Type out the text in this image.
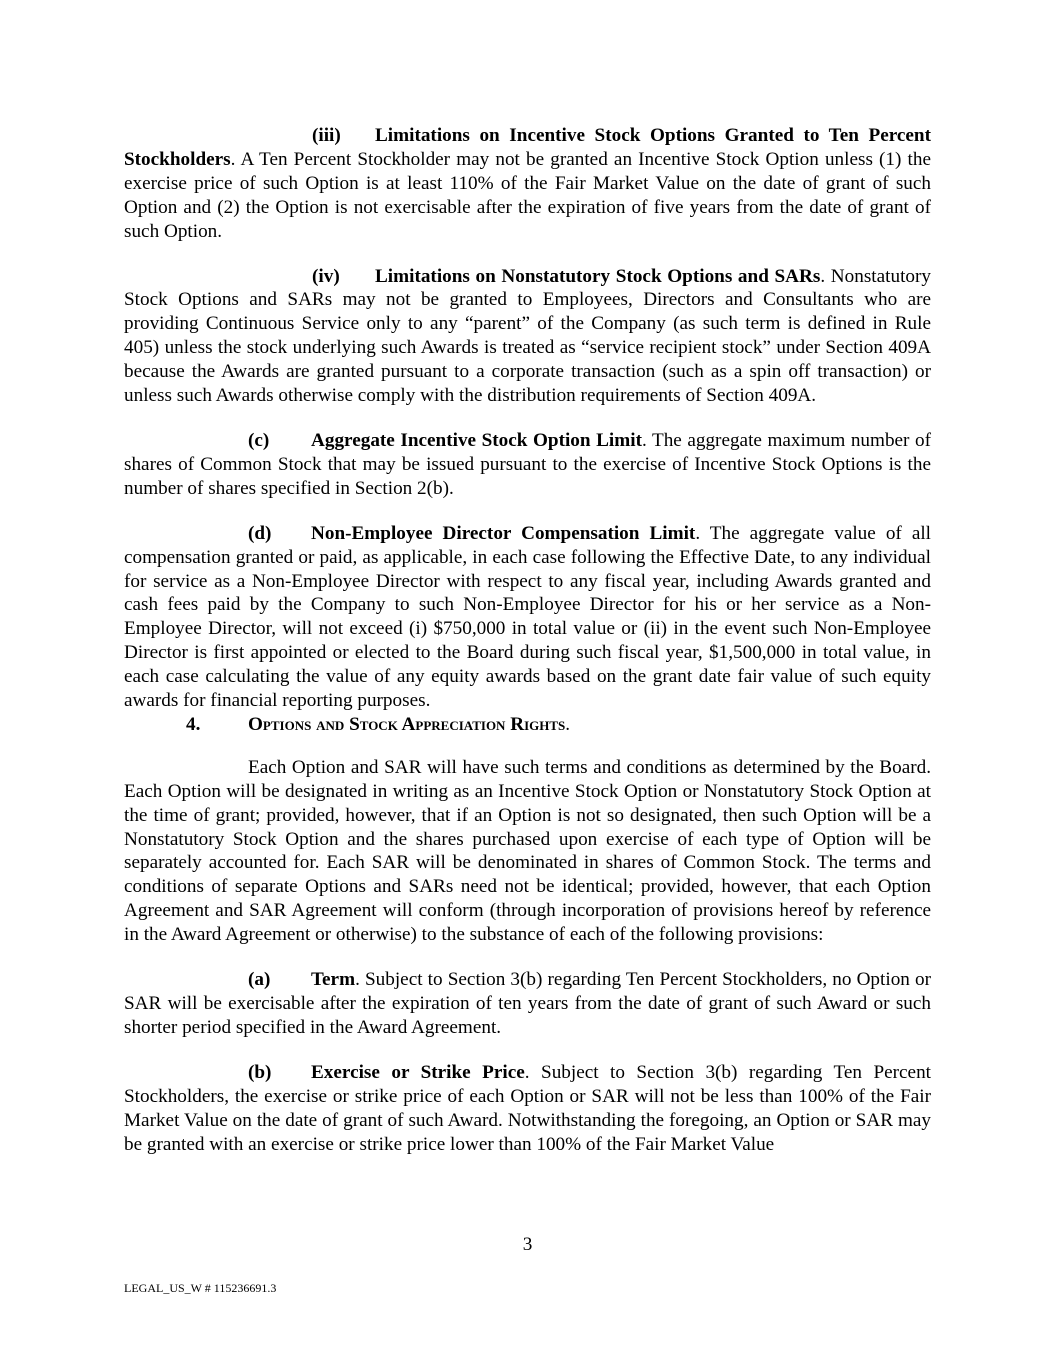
(iii) Limitations on Incentive Stock Options Granted to Ten Percent Stockholders. A Ten Percent Stockholder may not be granted an Incentive Stock Option unless (1) the exercise price of such Option is at least 110% of the Fair Market Value on the date of grant of such Option and (2) the Option is not exercisable after the expiration of five years from the date of grant of such Option.

(iv) Limitations on Nonstatutory Stock Options and SARs. Nonstatutory Stock Options and SARs may not be granted to Employees, Directors and Consultants who are providing Continuous Service only to any “parent” of the Company (as such term is defined in Rule 405) unless the stock underlying such Awards is treated as “service recipient stock” under Section 409A because the Awards are granted pursuant to a corporate transaction (such as a spin off transaction) or unless such Awards otherwise comply with the distribution requirements of Section 409A.

(c) Aggregate Incentive Stock Option Limit. The aggregate maximum number of shares of Common Stock that may be issued pursuant to the exercise of Incentive Stock Options is the number of shares specified in Section 2(b).

(d) Non-Employee Director Compensation Limit. The aggregate value of all compensation granted or paid, as applicable, in each case following the Effective Date, to any individual for service as a Non-Employee Director with respect to any fiscal year, including Awards granted and cash fees paid by the Company to such Non-Employee Director for his or her service as a Non-Employee Director, will not exceed (i) $750,000 in total value or (ii) in the event such Non-Employee Director is first appointed or elected to the Board during such fiscal year, $1,500,000 in total value, in each case calculating the value of any equity awards based on the grant date fair value of such equity awards for financial reporting purposes.

4. Options and Stock Appreciation Rights.

Each Option and SAR will have such terms and conditions as determined by the Board. Each Option will be designated in writing as an Incentive Stock Option or Nonstatutory Stock Option at the time of grant; provided, however, that if an Option is not so designated, then such Option will be a Nonstatutory Stock Option and the shares purchased upon exercise of each type of Option will be separately accounted for. Each SAR will be denominated in shares of Common Stock. The terms and conditions of separate Options and SARs need not be identical; provided, however, that each Option Agreement and SAR Agreement will conform (through incorporation of provisions hereof by reference in the Award Agreement or otherwise) to the substance of each of the following provisions:

(a) Term. Subject to Section 3(b) regarding Ten Percent Stockholders, no Option or SAR will be exercisable after the expiration of ten years from the date of grant of such Award or such shorter period specified in the Award Agreement.

(b) Exercise or Strike Price. Subject to Section 3(b) regarding Ten Percent Stockholders, the exercise or strike price of each Option or SAR will not be less than 100% of the Fair Market Value on the date of grant of such Award. Notwithstanding the foregoing, an Option or SAR may be granted with an exercise or strike price lower than 100% of the Fair Market Value

3
LEGAL_US_W # 115236691.3
